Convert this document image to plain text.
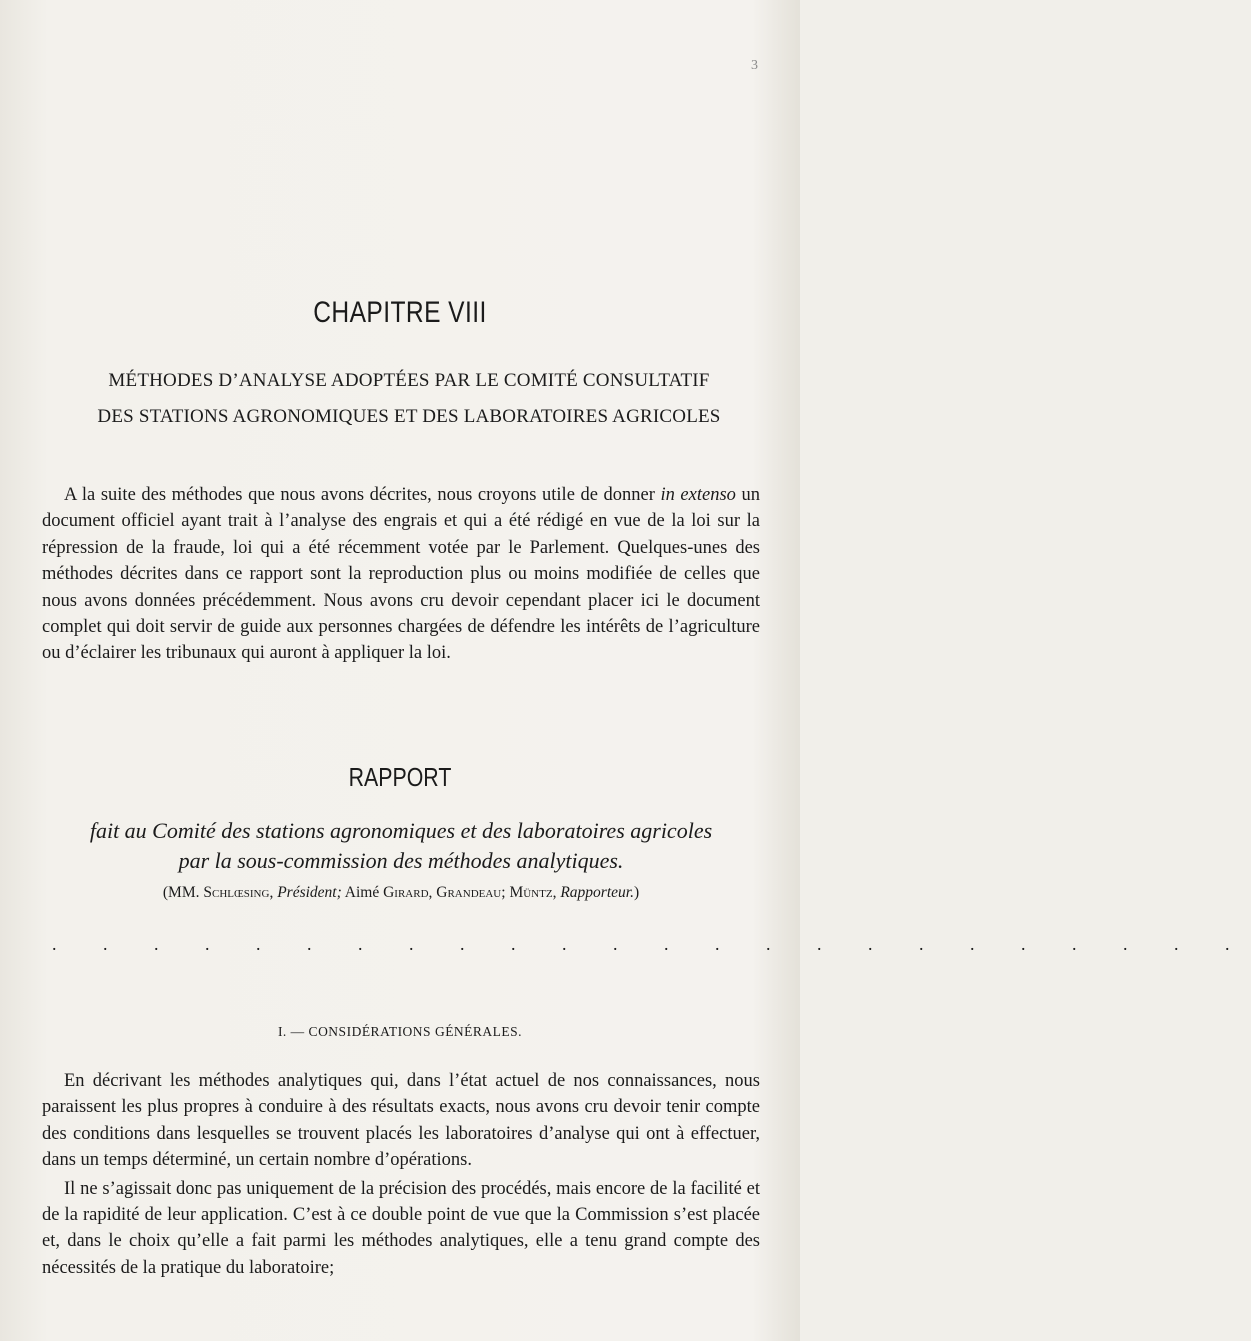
3
CHAPITRE VIII
MÉTHODES D’ANALYSE ADOPTÉES PAR LE COMITÉ CONSULTATIF
DES STATIONS AGRONOMIQUES ET DES LABORATOIRES AGRICOLES

A la suite des méthodes que nous avons décrites, nous croyons utile de donner in extenso un document officiel ayant trait à l’analyse des engrais et qui a été rédigé en vue de la loi sur la répression de la fraude, loi qui a été récemment votée par le Parlement. Quelques-unes des méthodes décrites dans ce rapport sont la reproduction plus ou moins modifiée de celles que nous avons données précédemment. Nous avons cru devoir cependant placer ici le document complet qui doit servir de guide aux personnes chargées de défendre les intérêts de l’agriculture ou d’éclairer les tribunaux qui auront à appliquer la loi.

RAPPORT
fait au Comité des stations agronomiques et des laboratoires agricoles
par la sous-commission des méthodes analytiques.
(MM. Schlœsing, Président; Aimé Girard, Grandeau; Müntz, Rapporteur.)
. . . . . . . . . . . . . . . . . . . . . . . .
I. — CONSIDÉRATIONS GÉNÉRALES.

En décrivant les méthodes analytiques qui, dans l’état actuel de nos connaissances, nous paraissent les plus propres à conduire à des résultats exacts, nous avons cru devoir tenir compte des conditions dans lesquelles se trouvent placés les laboratoires d’analyse qui ont à effectuer, dans un temps déterminé, un certain nombre d’opérations.

Il ne s’agissait donc pas uniquement de la précision des procédés, mais encore de la facilité et de la rapidité de leur application. C’est à ce double point de vue que la Commission s’est placée et, dans le choix qu’elle a fait parmi les méthodes analytiques, elle a tenu grand compte des nécessités de la pratique du laboratoire;
